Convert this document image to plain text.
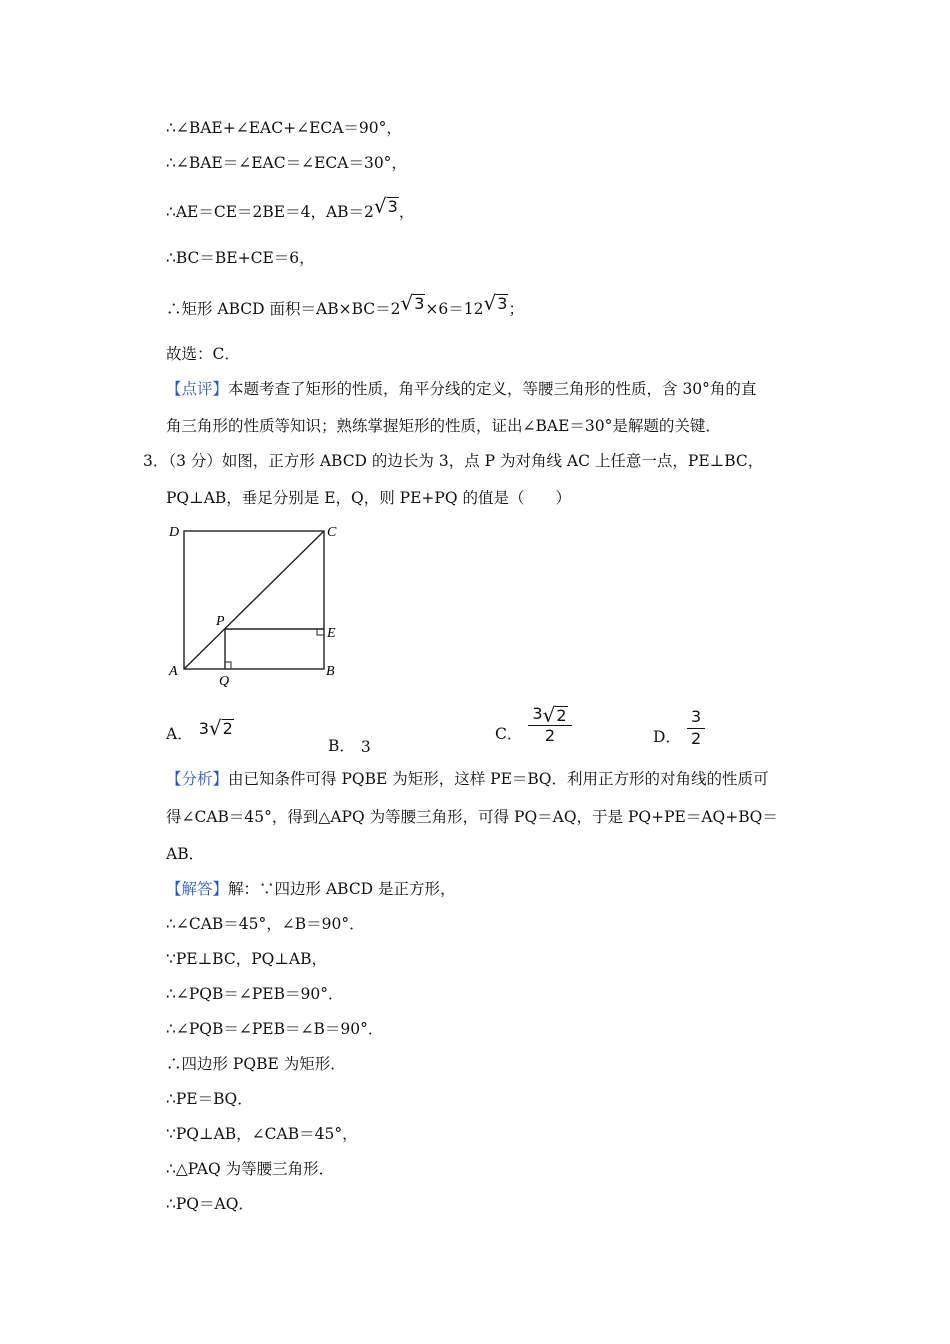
∴∠BAE+∠EAC+∠ECA＝90°，
∴∠BAE＝∠EAC＝∠ECA＝30°，
∴AE＝CE＝2BE＝4，AB＝2 √ 3 ，
∴BC＝BE+CE＝6，
∴矩形 ABCD 面积＝AB×BC＝2 √ 3 ×6＝12 √ 3 ；
故选：C．
【点评】本题考查了矩形的性质，角平分线的定义，等腰三角形的性质，含 30°角的直
角三角形的性质等知识；熟练掌握矩形的性质，证出∠BAE＝30°是解题的关键．
3．（3 分）如图，正方形 ABCD 的边长为 3，点 P 为对角线 AC 上任意一点，PE⊥BC，
PQ⊥AB，垂足分别是 E，Q，则 PE+PQ 的值是（　　）
D	C
P
E
A
Q
B
A． 3 √ 2
B． 3
C． $\frac{3 √ 2}{2}$	D． $\frac{3}{2}$
【分析】由已知条件可得 PQBE 为矩形，这样 PE＝BQ．利用正方形的对角线的性质可
得∠CAB＝45°，得到△APQ 为等腰三角形，可得 PQ＝AQ，于是 PQ+PE＝AQ+BQ＝
AB．
【解答】解：∵四边形 ABCD 是正方形，
∴∠CAB＝45°，∠B＝90°．
∵PE⊥BC，PQ⊥AB，
∴∠PQB＝∠PEB＝90°．
∴∠PQB＝∠PEB＝∠B＝90°．
∴四边形 PQBE 为矩形．
∴PE＝BQ．
∵PQ⊥AB，∠CAB＝45°，
∴△PAQ 为等腰三角形．
∴PQ＝AQ．
